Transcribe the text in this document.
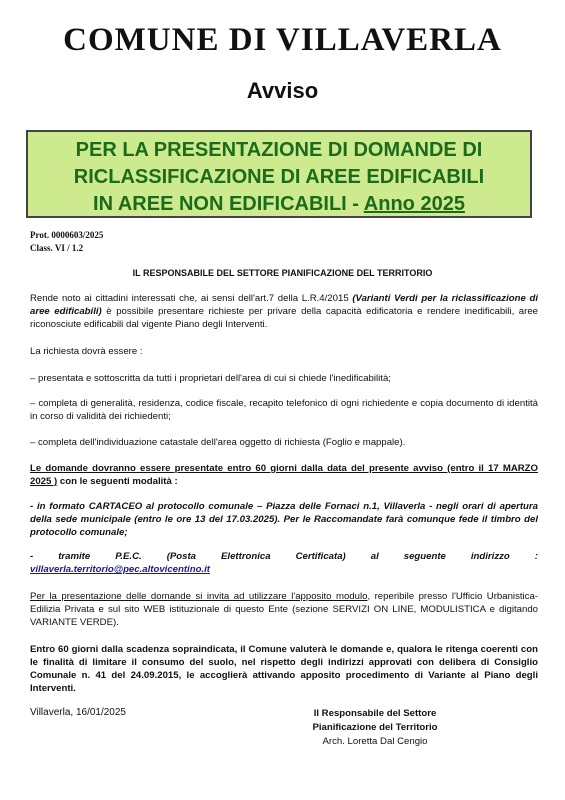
COMUNE DI VILLAVERLA
Avviso
PER LA PRESENTAZIONE DI DOMANDE DI
RICLASSIFICAZIONE DI AREE EDIFICABILI
IN AREE NON EDIFICABILI - Anno 2025
Prot. 0000603/2025
Class. VI / 1.2
IL RESPONSABILE DEL SETTORE PIANIFICAZIONE DEL TERRITORIO
Rende noto ai cittadini interessati che, ai sensi dell'art.7 della L.R.4/2015 (Varianti Verdi per la riclassificazione di aree edificabili) è possibile presentare richieste per privare della capacità edificatoria e rendere inedificabili, aree riconosciute edificabili dal vigente Piano degli Interventi.
La richiesta dovrà essere :
– presentata e sottoscritta da tutti i proprietari dell'area di cui si chiede l'inedificabilità;
– completa di generalità, residenza, codice fiscale, recapito telefonico di ogni richiedente e copia documento di identità in corso di validità dei richiedenti;
– completa dell'individuazione catastale dell'area oggetto di richiesta (Foglio e mappale).
Le domande dovranno essere presentate entro 60 giorni dalla data del presente avviso (entro il 17 MARZO 2025 ) con le seguenti modalità :
- in formato CARTACEO al protocollo comunale – Piazza delle Fornaci n.1, Villaverla - negli orari di apertura della sede municipale (entro le ore 13 del 17.03.2025). Per le Raccomandate farà comunque fede il timbro del protocollo comunale;
- tramite P.E.C. (Posta Elettronica Certificata) al seguente indirizzo :
villaverla.territorio@pec.altovicentino.it
Per la presentazione delle domande si invita ad utilizzare l'apposito modulo, reperibile presso l'Ufficio Urbanistica-Edilizia Privata e sul sito WEB istituzionale di questo Ente (sezione SERVIZI ON LINE, MODULISTICA e digitando VARIANTE VERDE).
Entro 60 giorni dalla scadenza sopraindicata, il Comune valuterà le domande e, qualora le ritenga coerenti con le finalità di limitare il consumo del suolo, nel rispetto degli indirizzi approvati con delibera di Consiglio Comunale n. 41 del 24.09.2015, le accoglierà attivando apposito procedimento di Variante al Piano degli Interventi.
Villaverla, 16/01/2025	Il Responsabile del Settore
Pianificazione del Territorio
Arch. Loretta Dal Cengio
